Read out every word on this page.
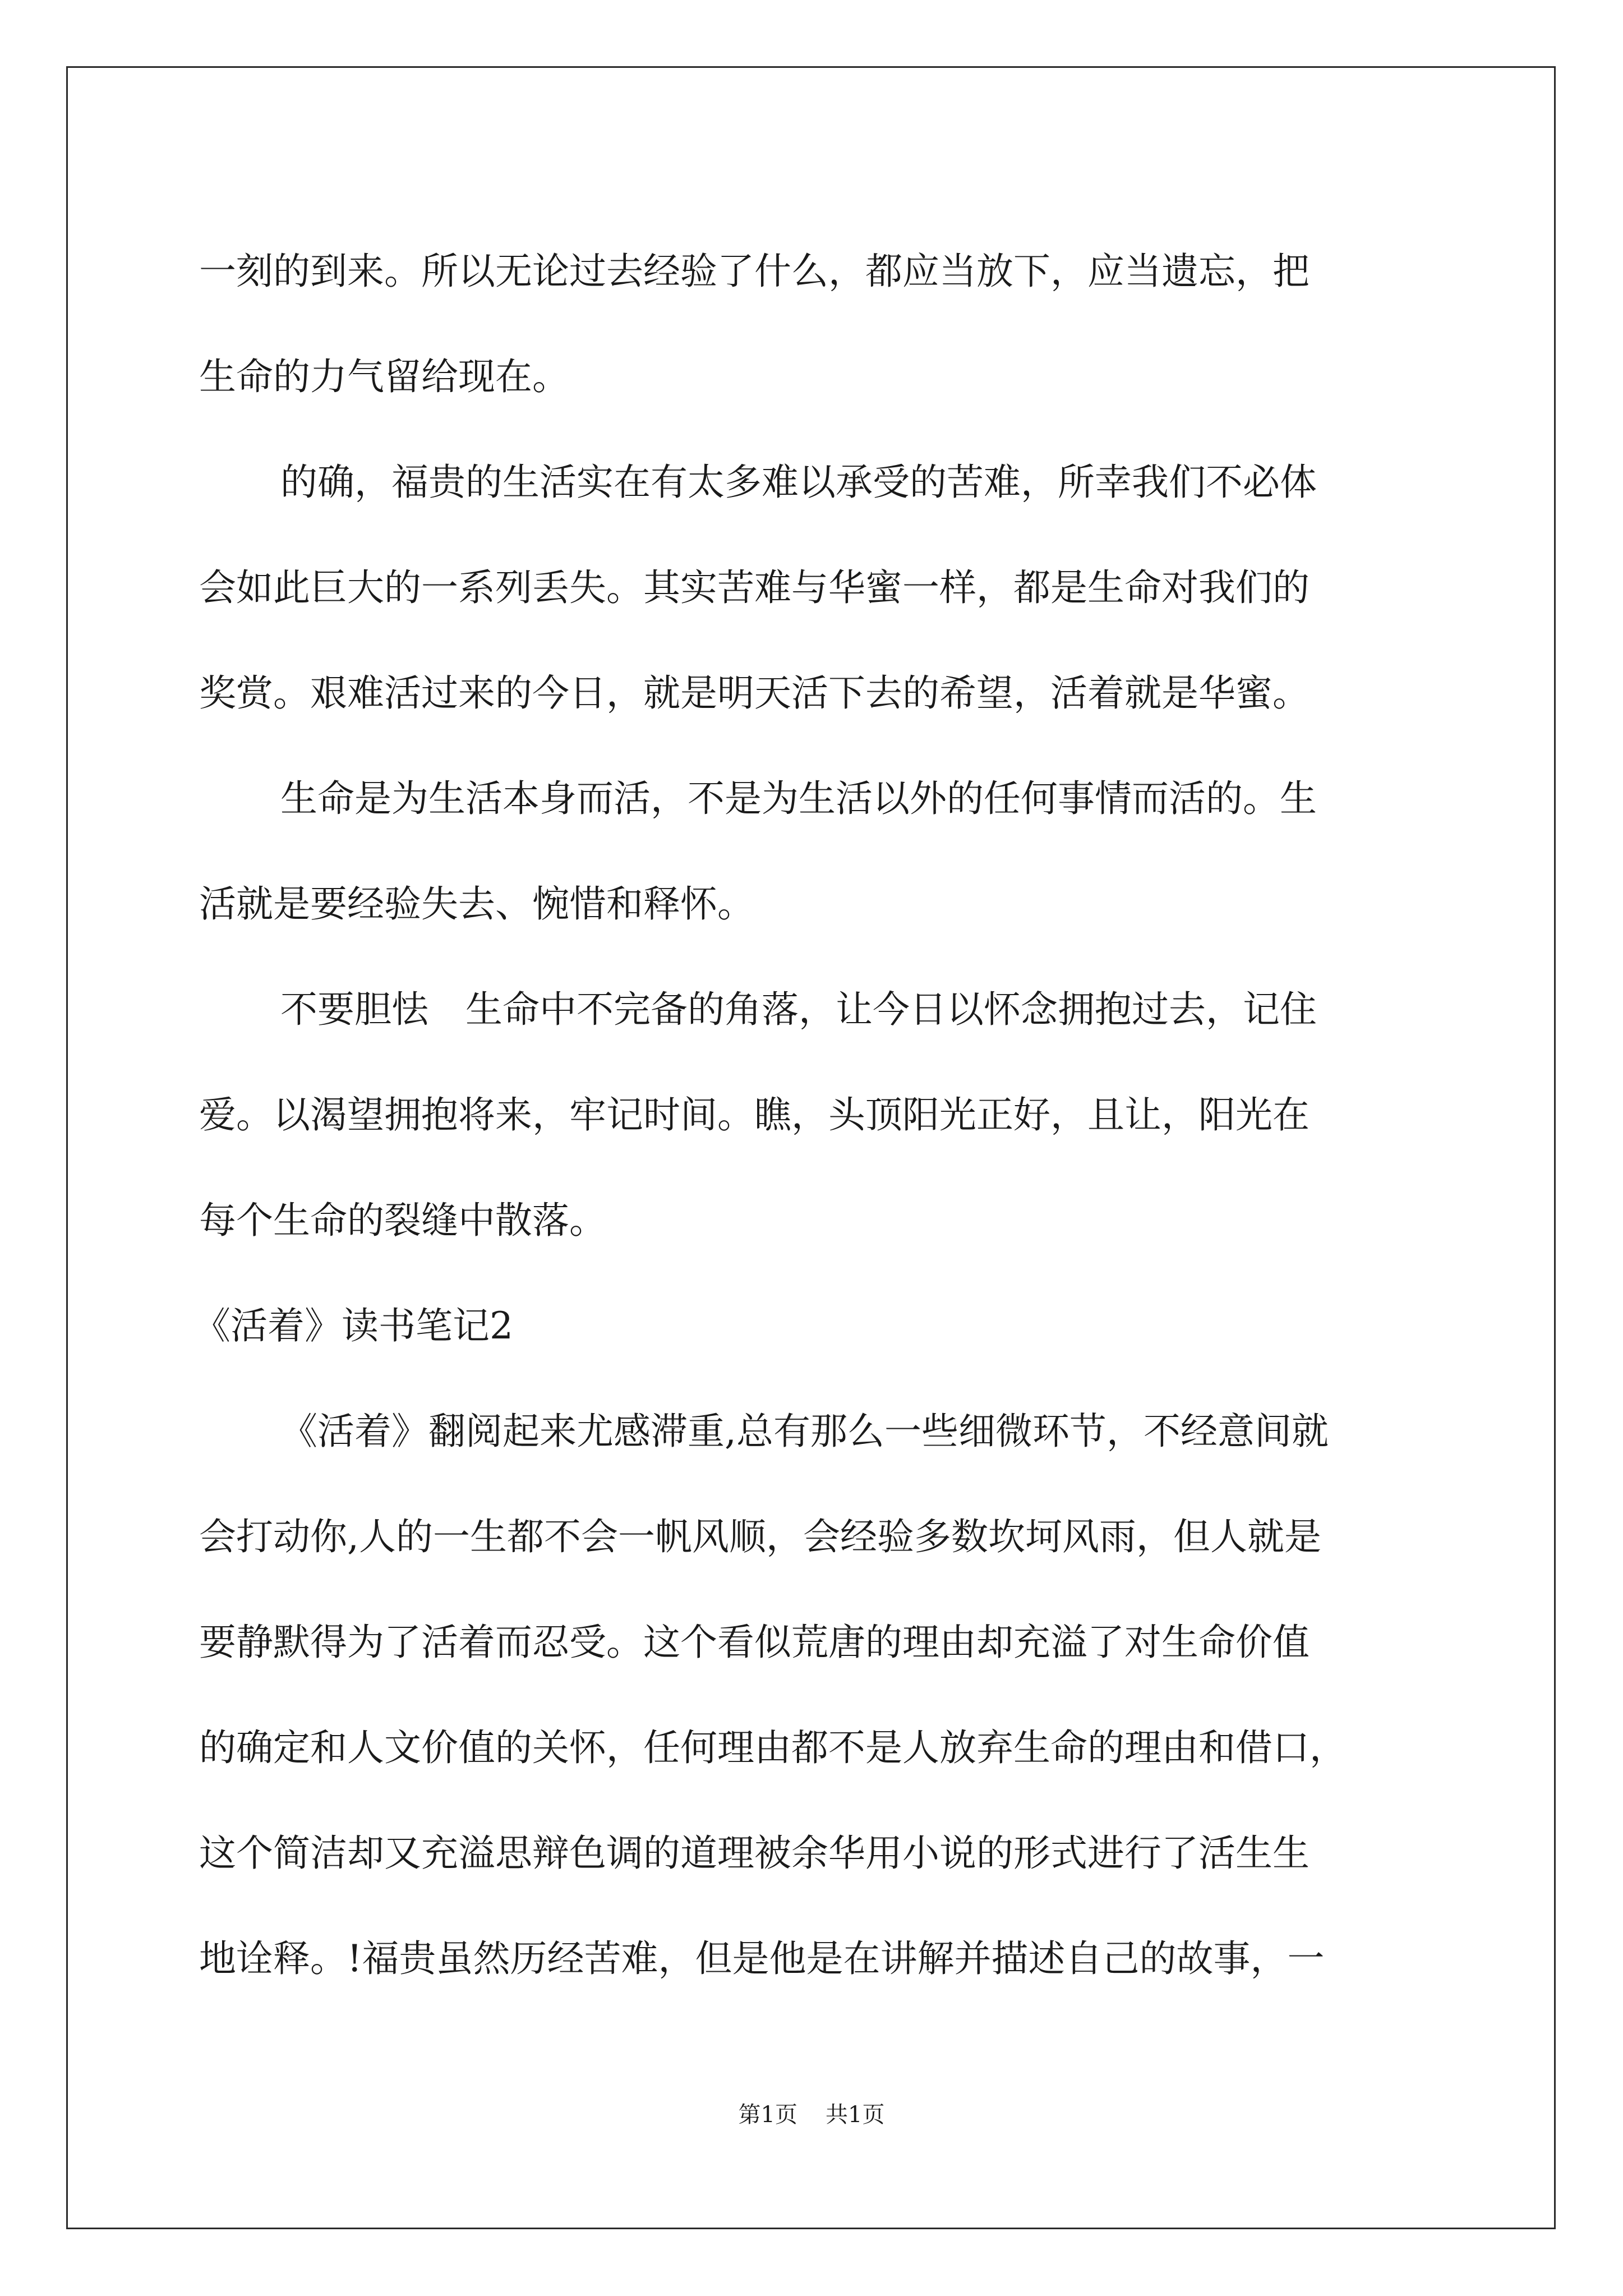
一刻的到来。所以无论过去经验了什么，都应当放下，应当遗忘，把
生命的力气留给现在。
的确，福贵的生活实在有太多难以承受的苦难，所幸我们不必体
会如此巨大的一系列丢失。其实苦难与华蜜一样，都是生命对我们的
奖赏。艰难活过来的今日，就是明天活下去的希望，活着就是华蜜。
生命是为生活本身而活，不是为生活以外的任何事情而活的。生
活就是要经验失去、惋惜和释怀。
不要胆怯　生命中不完备的角落，让今日以怀念拥抱过去，记住
爱。以渴望拥抱将来，牢记时间。瞧，头顶阳光正好，且让，阳光在
每个生命的裂缝中散落。
《活着》读书笔记2
《活着》翻阅起来尤感滞重,总有那么一些细微环节，不经意间就
会打动你,人的一生都不会一帆风顺，会经验多数坎坷风雨，但人就是
要静默得为了活着而忍受。这个看似荒唐的理由却充溢了对生命价值
的确定和人文价值的关怀，任何理由都不是人放弃生命的理由和借口，
这个简洁却又充溢思辩色调的道理被余华用小说的形式进行了活生生
地诠释。!福贵虽然历经苦难，但是他是在讲解并描述自己的故事，一
第1页 共1页
